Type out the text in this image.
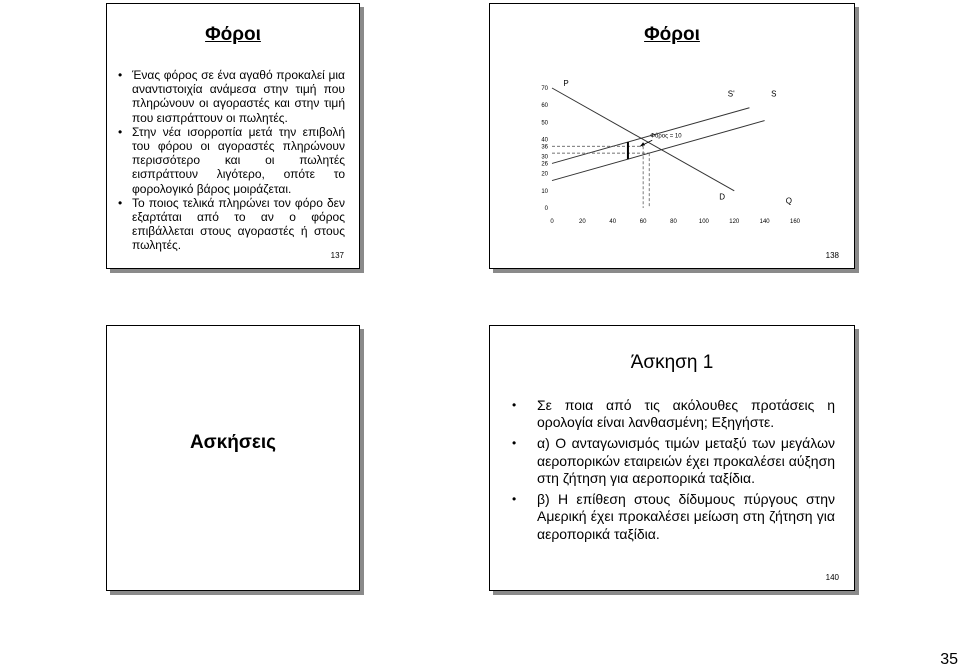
Φόροι
• Ένας φόρος σε ένα αγαθό προκαλεί μια αναντιστοιχία ανάμεσα στην τιμή που πληρώνουν οι αγοραστές και στην τιμή που εισπράττουν οι πωλητές.
• Στην νέα ισορροπία μετά την επιβολή του φόρου οι αγοραστές πληρώνουν περισσότερο και οι πωλητές εισπράττουν λιγότερο, οπότε το φορολογικό βάρος μοιράζεται.
• Το ποιος τελικά πληρώνει τον φόρο δεν εξαρτάται από το αν ο φόρος επιβάλλεται στους αγοραστές ή στους πωλητές.
137
Φόροι
0
10
20
26
30
36
40
50
60
70
0	20	40	60	80	100	120	140	160
P
Q
D
S
S'
Φόρος = 10
138
Ασκήσεις
Άσκηση 1
• Σε ποια από τις ακόλουθες προτάσεις η ορολογία είναι λανθασμένη; Εξηγήστε.
• α) Ο ανταγωνισμός τιμών μεταξύ των μεγάλων αεροπορικών εταιρειών έχει προκαλέσει αύξηση στη ζήτηση για αεροπορικά ταξίδια.
• β) Η επίθεση στους δίδυμους πύργους στην Αμερική έχει προκαλέσει μείωση στη ζήτηση για αεροπορικά ταξίδια.
140
35
